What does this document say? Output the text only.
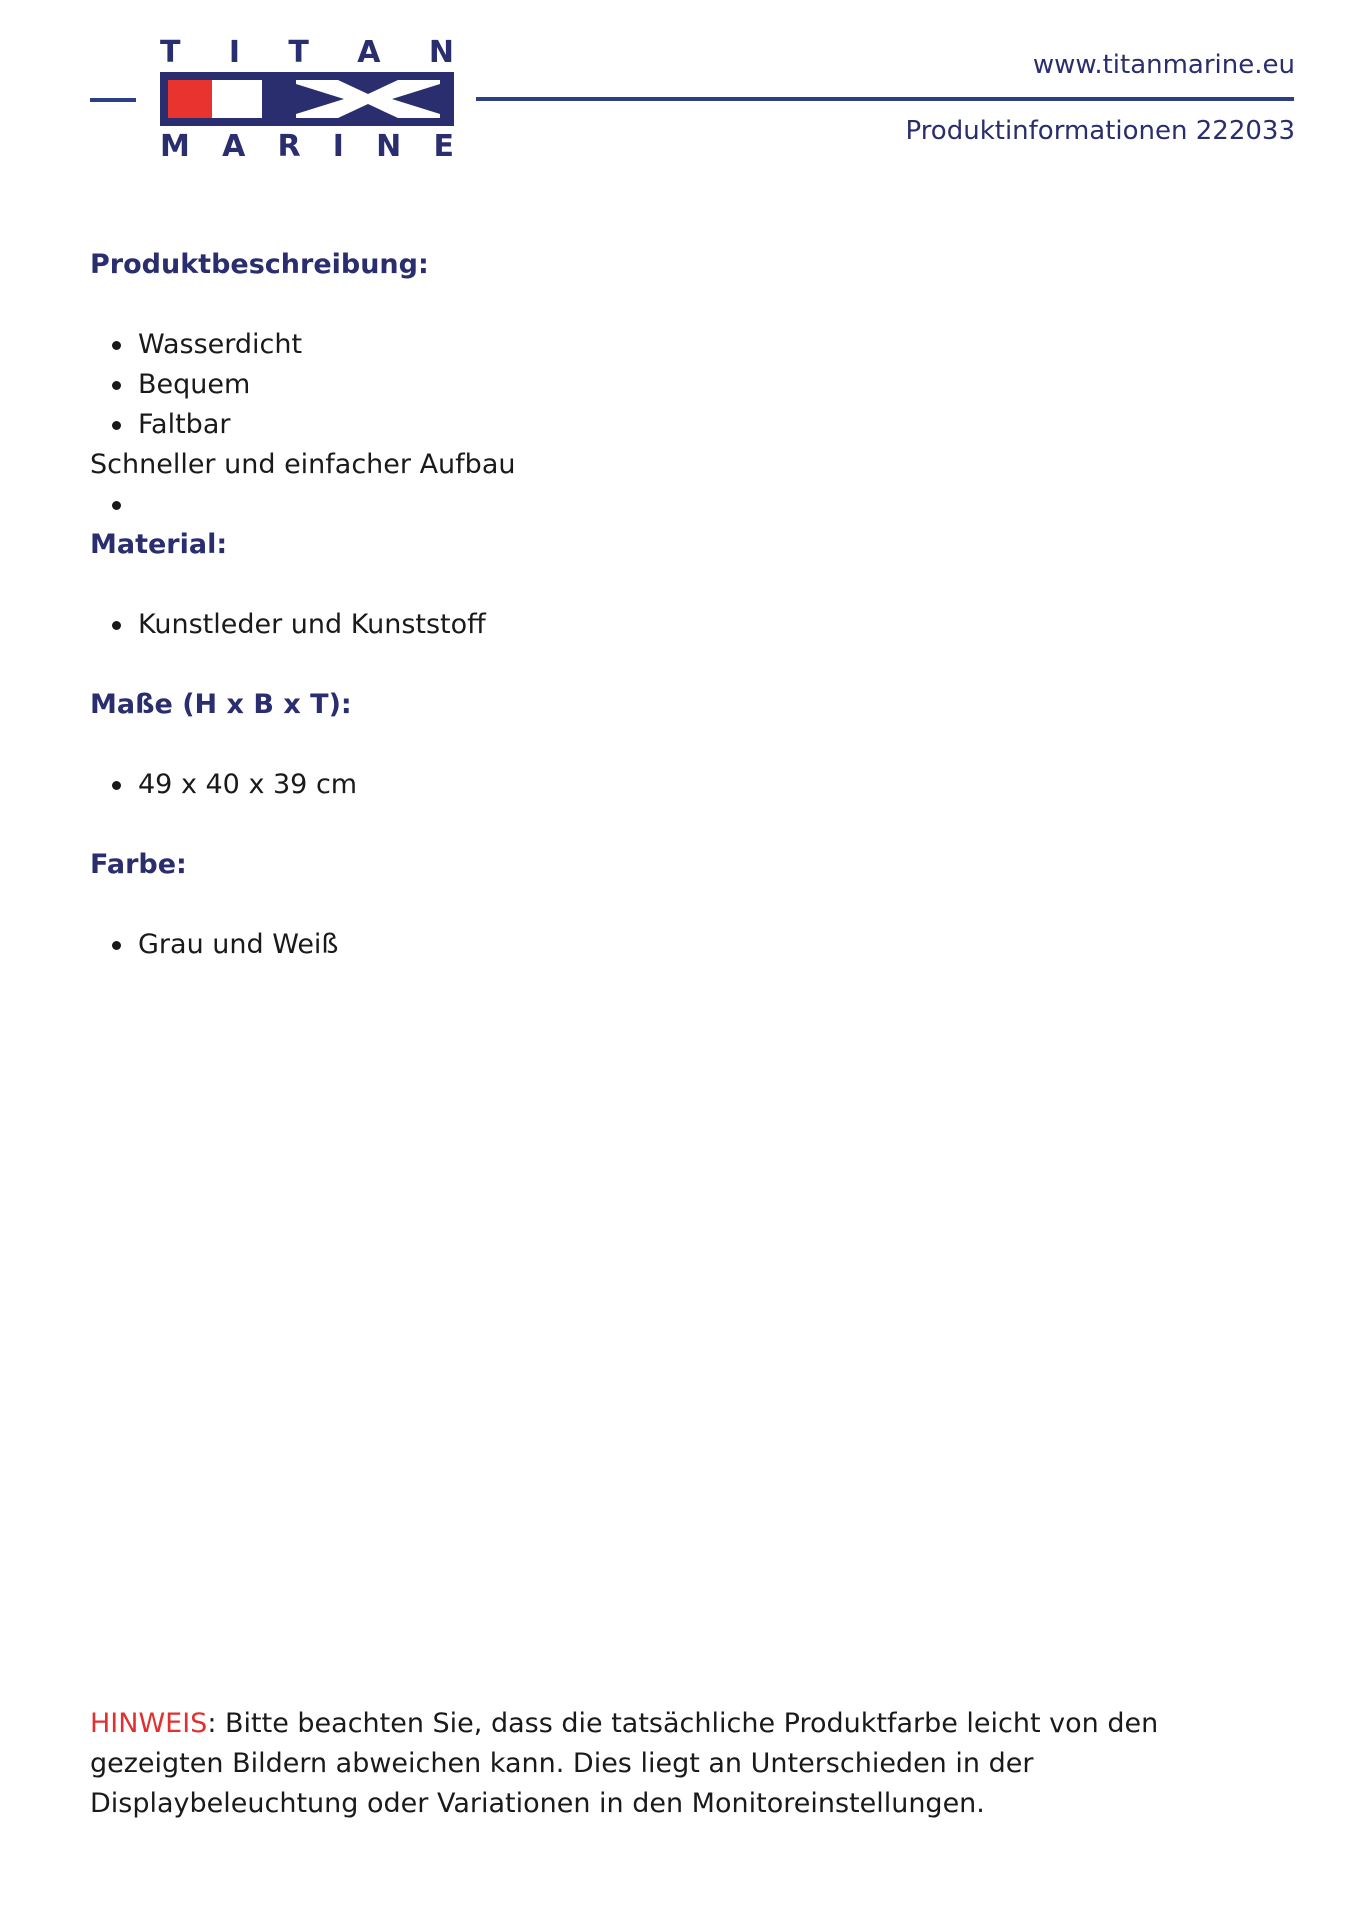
T I T A N
M A R I N E
www.titanmarine.eu
Produktinformationen 222033
Produktbeschreibung:
Wasserdicht
Bequem
Faltbar
Schneller und einfacher Aufbau
Material:
Kunstleder und Kunststoff
Maße (H x B x T):
49 x 40 x 39 cm
Farbe:
Grau und Weiß
HINWEIS: Bitte beachten Sie, dass die tatsächliche Produktfarbe leicht von den gezeigten Bildern abweichen kann. Dies liegt an Unterschieden in der Displaybeleuchtung oder Variationen in den Monitoreinstellungen.
